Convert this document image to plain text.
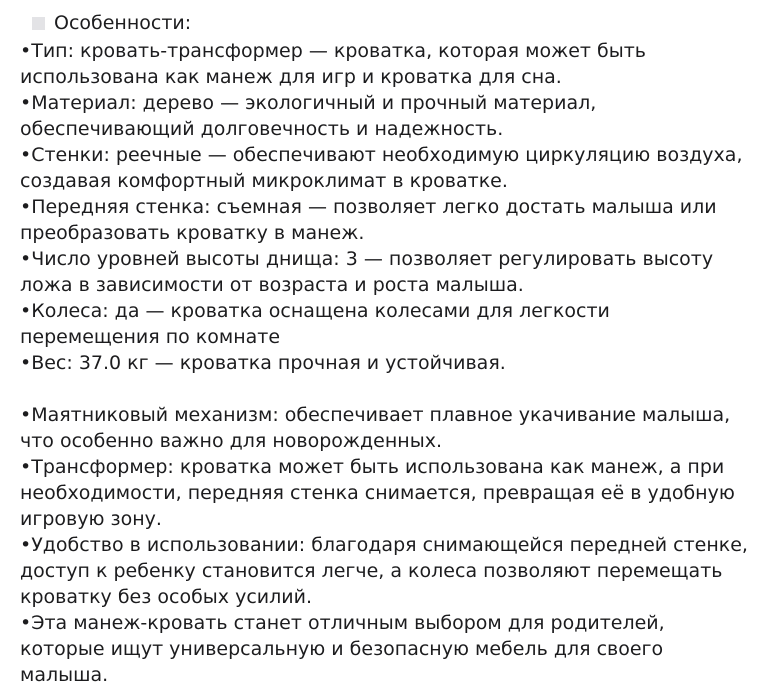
Особенности:
•Тип: кровать-трансформер — кроватка, которая может быть использована как манеж для игр и кроватка для сна.
•Материал: дерево — экологичный и прочный материал, обеспечивающий долговечность и надежность.
•Стенки: реечные — обеспечивают необходимую циркуляцию воздуха, создавая комфортный микроклимат в кроватке.
•Передняя стенка: съемная — позволяет легко достать малыша или преобразовать кроватку в манеж.
•Число уровней высоты днища: 3 — позволяет регулировать высоту ложа в зависимости от возраста и роста малыша.
•Колеса: да — кроватка оснащена колесами для легкости перемещения по комнате
•Вес: 37.0 кг — кроватка прочная и устойчивая.
•Маятниковый механизм: обеспечивает плавное укачивание малыша, что особенно важно для новорожденных.
•Трансформер: кроватка может быть использована как манеж, а при необходимости, передняя стенка снимается, превращая её в удобную игровую зону.
•Удобство в использовании: благодаря снимающейся передней стенке, доступ к ребенку становится легче, а колеса позволяют перемещать кроватку без особых усилий.
•Эта манеж-кровать станет отличным выбором для родителей, которые ищут универсальную и безопасную мебель для своего малыша.
